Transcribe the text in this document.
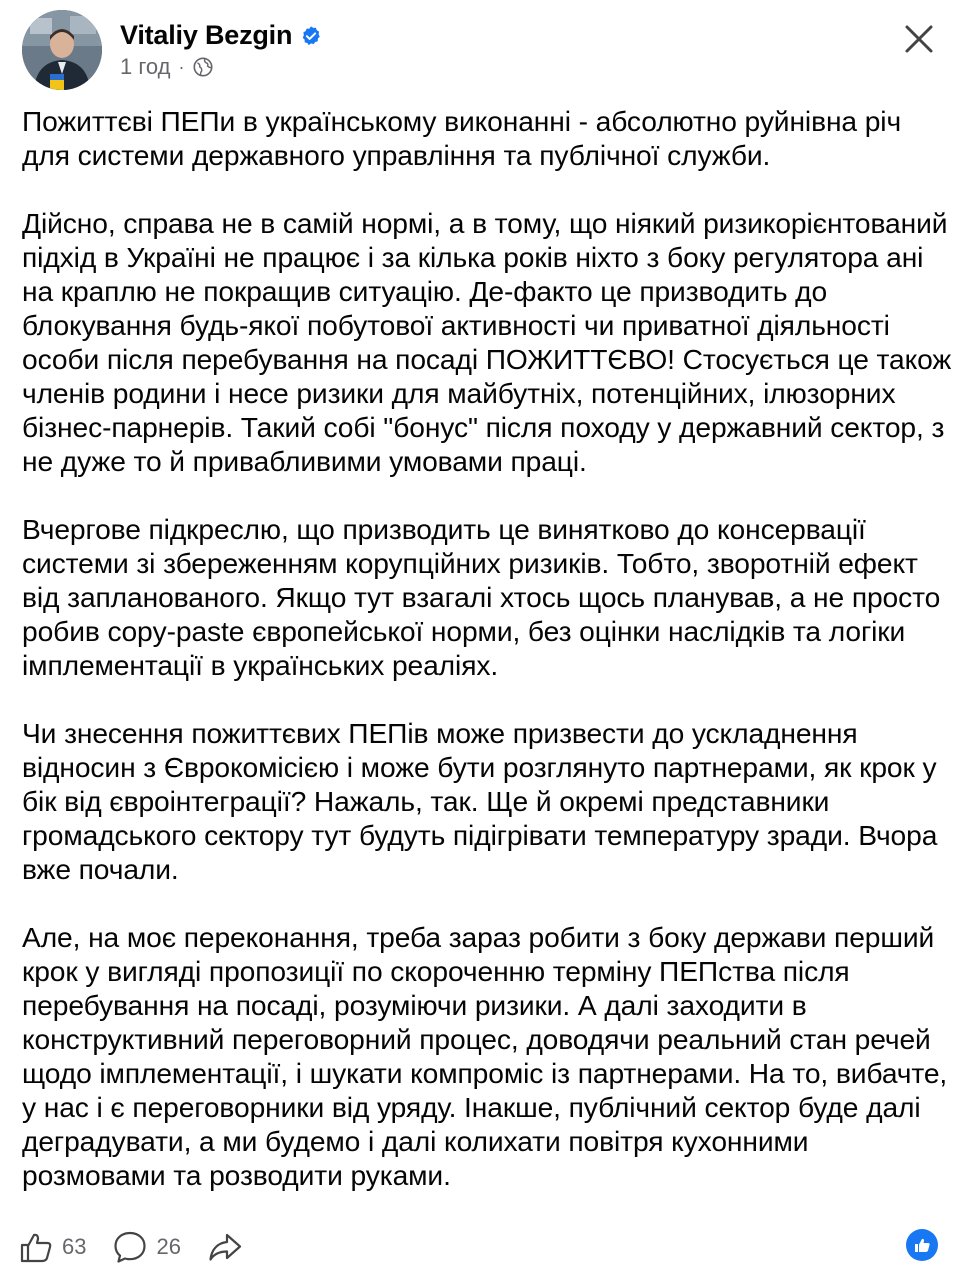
Vitaliy Bezgin
1 год ·

Пожиттєві ПЕПи в українському виконанні - абсолютно руйнівна річ для системи державного управління та публічної служби.

Дійсно, справа не в самій нормі, а в тому, що ніякий ризикорієнтований підхід в Україні не працює і за кілька років ніхто з боку регулятора ані на краплю не покращив ситуацію. Де-факто це призводить до блокування будь-якої побутової активності чи приватної діяльності особи після перебування на посаді ПОЖИТТЄВО! Стосується це також членів родини і несе ризики для майбутніх, потенційних, ілюзорних бізнес-парнерів. Такий собі "бонус" після походу у державний сектор, з не дуже то й привабливими умовами праці.

Вчергове підкреслю, що призводить це винятково до консервації системи зі збереженням корупційних ризиків. Тобто, зворотній ефект від запланованого. Якщо тут взагалі хтось щось планував, а не просто робив copy-paste європейської норми, без оцінки наслідків та логіки імплементації в українських реаліях.

Чи знесення пожиттєвих ПЕПів може призвести до ускладнення відносин з Єврокомісією і може бути розглянуто партнерами, як крок у бік від євроінтеграції? Нажаль, так. Ще й окремі представники громадського сектору тут будуть підігрівати температуру зради. Вчора вже почали.

Але, на моє переконання, треба зараз робити з боку держави перший крок у вигляді пропозиції по скороченню терміну ПЕПства після перебування на посаді, розуміючи ризики. А далі заходити в конструктивний переговорний процес, доводячи реальний стан речей щодо імплементації, і шукати компроміс із партнерами. На то, вибачте, у нас і є переговорники від уряду. Інакше, публічний сектор буде далі деградувати, а ми будемо і далі колихати повітря кухонними розмовами та розводити руками.

63	26
